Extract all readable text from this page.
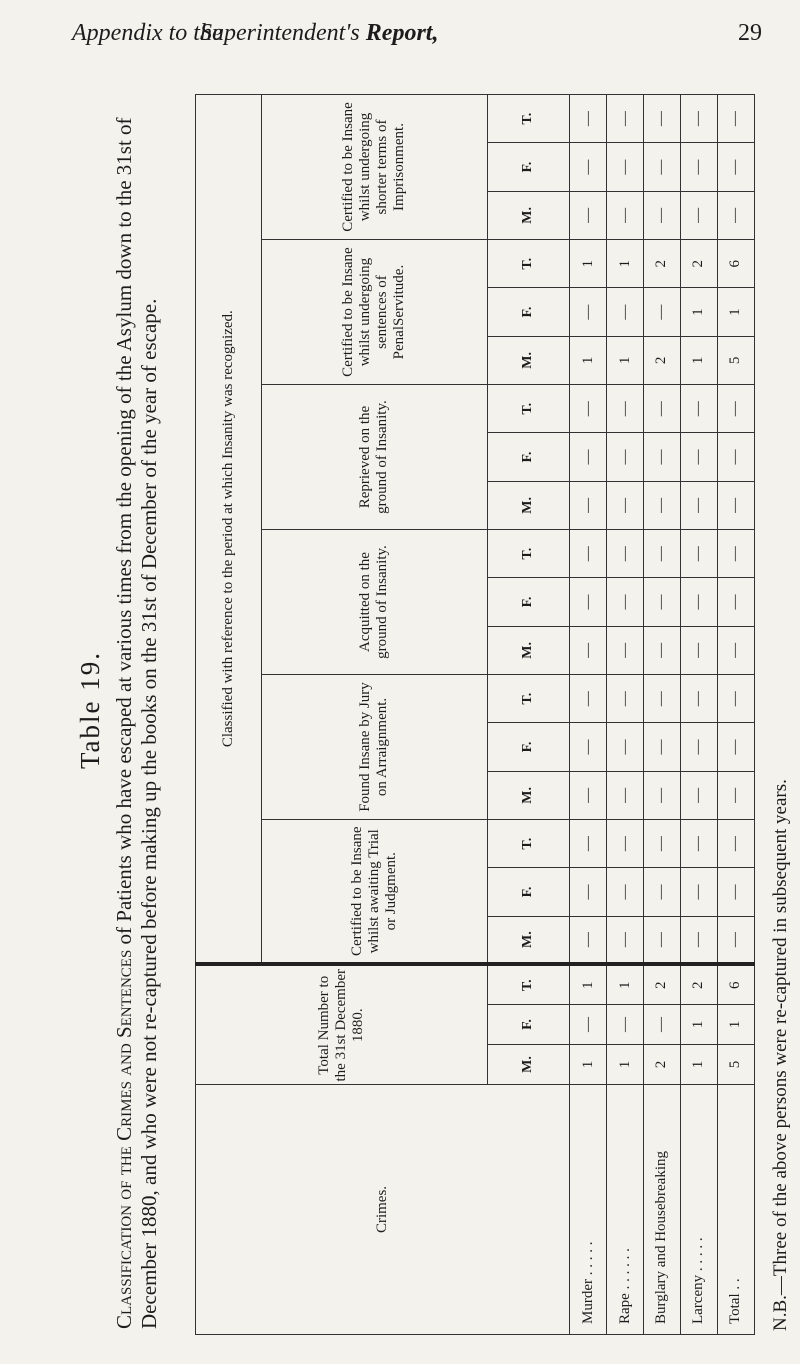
Appendix to the
Superintendent's Report,	29

Table 19.

Classification of the Crimes and Sentences of Patients who have escaped at various times from the opening of the Asylum down to the 31st of December 1880, and who were not re-captured before making up the books on the 31st of December of the year of escape.	Crimes.	Total Number to the 31st December 1880.			Classified with reference to the period at which Insanity was recognized.																	
				Certified to be Insane whilst awaiting Trial or Judgment.			Found Insane by Jury on Arraignment.			Acquitted on the ground of Insanity.			Reprieved on the ground of Insanity.			Certified to be Insane whilst undergoing sentences of PenalServitude.			Certified to be Insane whilst undergoing shorter terms of Imprisonment.		
	M.	F.	T.	M.	F.	T.	M.	F.	T.	M.	F.	T.	M.	F.	T.	M.	F.	T.	M.	F.	T.
Murder . . . . .	1	—	1	—	—	—	—	—	—	—	—	—	—	—	—	1	—	1	—	—	—
Rape . . . . . .	1	—	1	—	—	—	—	—	—	—	—	—	—	—	—	1	—	1	—	—	—
Burglary and Housebreaking	2	—	2	—	—	—	—	—	—	—	—	—	—	—	—	2	—	2	—	—	—
Larceny . . . . .	1	1	2	—	—	—	—	—	—	—	—	—	—	—	—	1	1	2	—	—	—
Total . .	5	1	6	—	—	—	—	—	—	—	—	—	—	—	—	5	1	6	—	—	—
N.B.—Three of the above persons were re-captured in subsequent years.
